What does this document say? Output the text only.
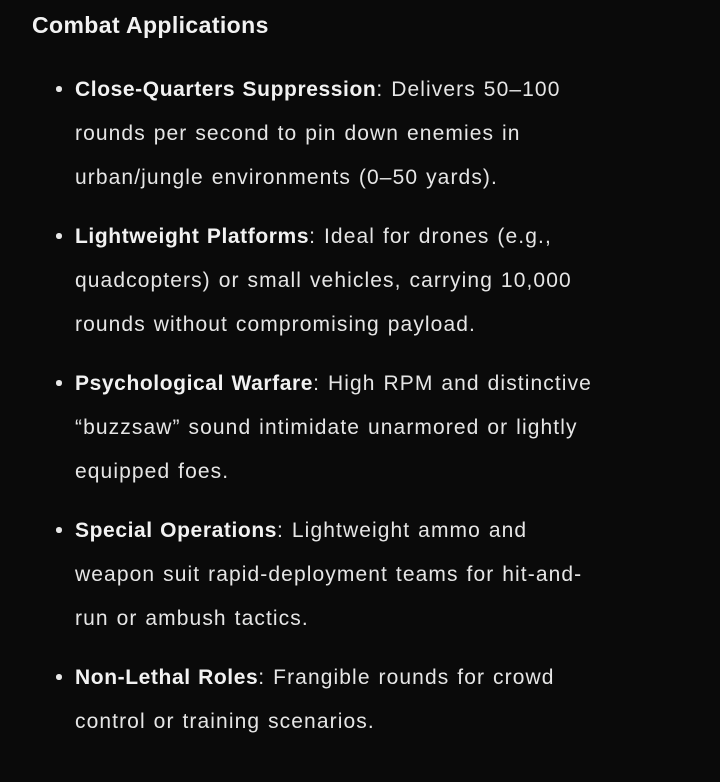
Combat Applications
Close-Quarters Suppression: Delivers 50–100
rounds per second to pin down enemies in
urban/jungle environments (0–50 yards).
Lightweight Platforms: Ideal for drones (e.g.,
quadcopters) or small vehicles, carrying 10,000
rounds without compromising payload.
Psychological Warfare: High RPM and distinctive
“buzzsaw” sound intimidate unarmored or lightly
equipped foes.
Special Operations: Lightweight ammo and
weapon suit rapid-deployment teams for hit-and-
run or ambush tactics.
Non-Lethal Roles: Frangible rounds for crowd
control or training scenarios.
